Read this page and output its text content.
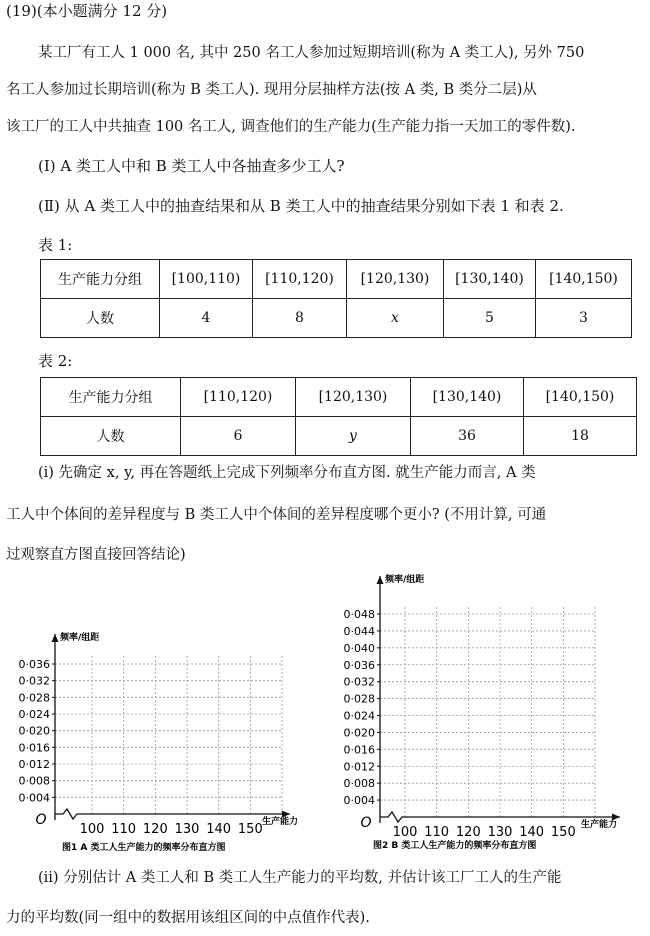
(19)(本小题满分 12 分)
某工厂有工人 1 000 名, 其中 250 名工人参加过短期培训(称为 A 类工人), 另外 750
名工人参加过长期培训(称为 B 类工人). 现用分层抽样方法(按 A 类, B 类分二层)从
该工厂的工人中共抽查 100 名工人, 调查他们的生产能力(生产能力指一天加工的零件数).
(Ⅰ) A 类工人中和 B 类工人中各抽查多少工人?
(Ⅱ) 从 A 类工人中的抽查结果和从 B 类工人中的抽查结果分别如下表 1 和表 2.
表 1:
生产能力分组	[100,110)	[110,120)	[120,130)	[130,140)	[140,150)
人数	4	8	x	5	3
表 2:
生产能力分组	[110,120)	[120,130)	[130,140)	[140,150)
人数	6	y	36	18
(i) 先确定 x, y, 再在答题纸上完成下列频率分布直方图. 就生产能力而言, A 类
工人中个体间的差异程度与 B 类工人中个体间的差异程度哪个更小? (不用计算, 可通
过观察直方图直接回答结论)
0·004
0·008
0·012
0·016
0·020
0·024
0·028
0·032
0·036
100 110 120 130 140 150
O
频率/组距
生产能力
图1 A 类工人生产能力的频率分布直方图
0·004
0·008
0·012
0·016
0·020
0·024
0·028
0·032
0·036
0·040
0·044
0·048
100 110 120 130 140 150
O
频率/组距
生产能力
图2 B 类工人生产能力的频率分布直方图
(ii) 分别估计 A 类工人和 B 类工人生产能力的平均数, 并估计该工厂工人的生产能
力的平均数(同一组中的数据用该组区间的中点值作代表).
